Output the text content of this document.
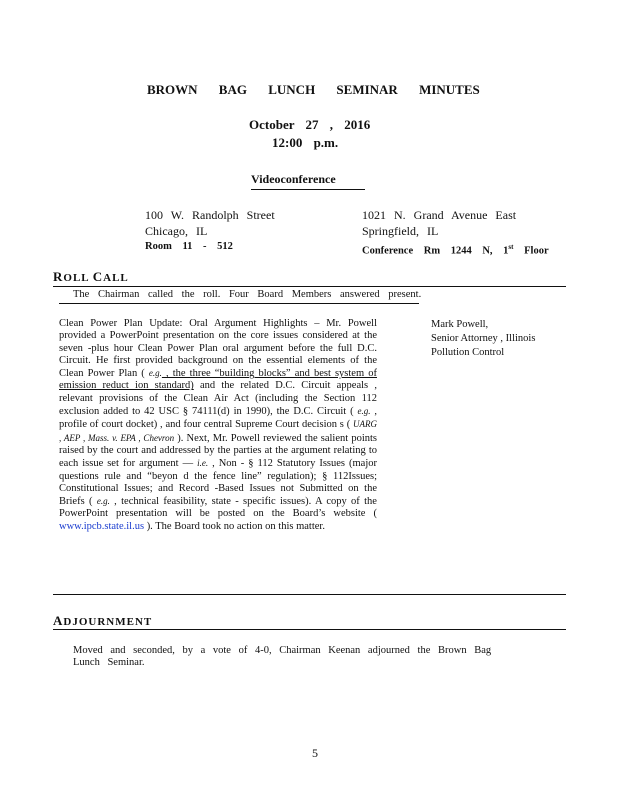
BROWN BAG LUNCH SEMINAR MINUTES
October 27 , 2016
12:00 p.m.
Videoconference
100 W. Randolph Street
Chicago, IL
Room 11 - 512
1021 N. Grand Avenue East
Springfield, IL
Conference Rm 1244 N, 1st Floor
ROLL CALL
The Chairman called the roll. Four Board Members answered present.
Clean Power Plan Update: Oral Argument Highlights – Mr. Powell provided a PowerPoint presentation on the core issues considered at the seven -plus hour Clean Power Plan oral argument before the full D.C. Circuit. He first provided background on the essential elements of the Clean Power Plan ( e.g. , the three “building blocks” and best system of emission reduct ion standard) and the related D.C. Circuit appeals , relevant provisions of the Clean Air Act (including the Section 112 exclusion added to 42 USC § 74111(d) in 1990), the D.C. Circuit ( e.g. , profile of court docket) , and four central Supreme Court decision s ( UARG , AEP , Mass. v. EPA , Chevron ). Next, Mr. Powell reviewed the salient points raised by the court and addressed by the parties at the argument relating to each issue set for argument — i.e. , Non - § 112 Statutory Issues (major questions rule and “beyon d the fence line” regulation); § 112Issues; Constitutional Issues; and Record -Based Issues not Submitted on the Briefs ( e.g. , technical feasibility, state - specific issues). A copy of the PowerPoint presentation will be posted on the Board’s website ( www.ipcb.state.il.us ). The Board took no action on this matter.
Mark Powell,
Senior Attorney , Illinois
Pollution Control
ADJOURNMENT
Moved and seconded, by a vote of 4-0, Chairman Keenan adjourned the Brown Bag Lunch Seminar.
5
